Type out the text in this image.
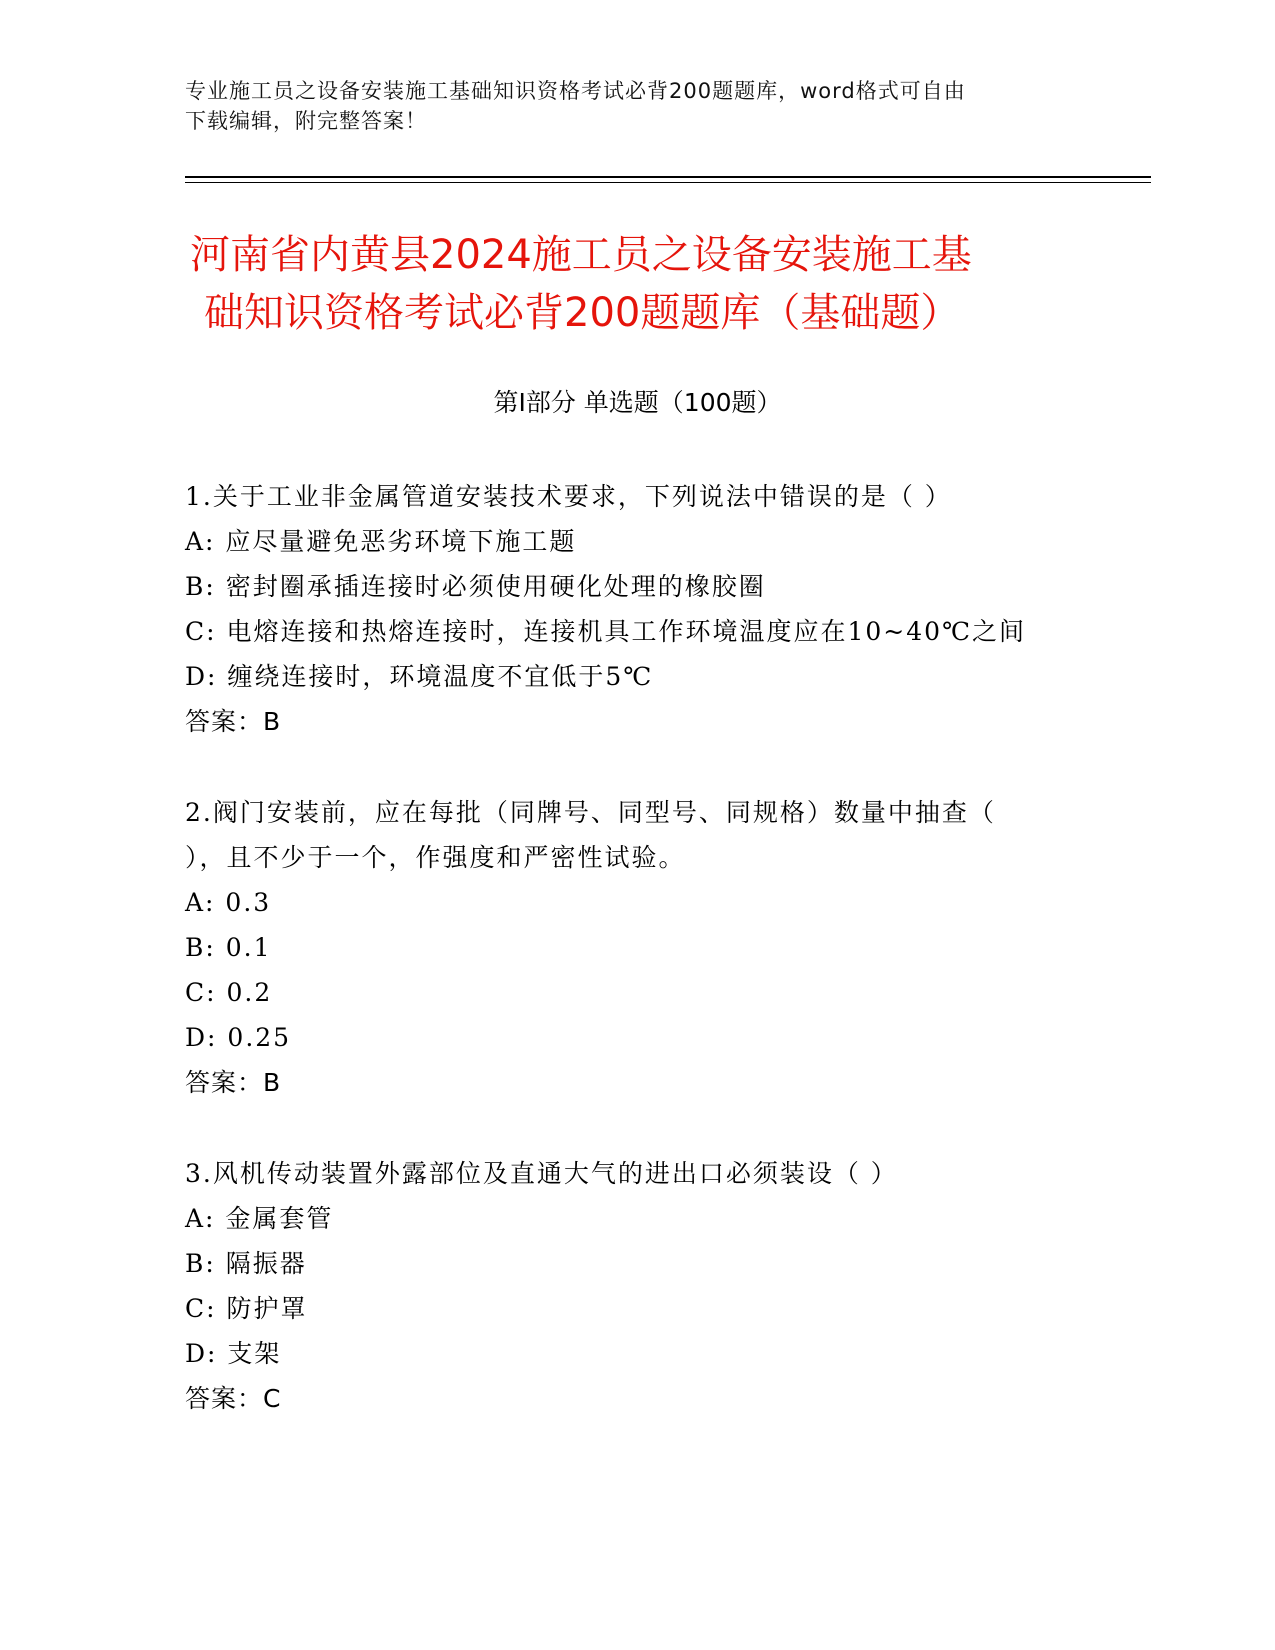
专业施工员之设备安装施工基础知识资格考试必背200题题库，word格式可自由
下载编辑，附完整答案！
河南省内黄县2024施工员之设备安装施工基
础知识资格考试必背200题题库（基础题）
第Ⅰ部分 单选题（100题）
1.关于工业非金属管道安装技术要求，下列说法中错误的是（ ）
A: 应尽量避免恶劣环境下施工题
B: 密封圈承插连接时必须使用硬化处理的橡胶圈
C: 电熔连接和热熔连接时，连接机具工作环境温度应在10~40℃之间
D: 缠绕连接时，环境温度不宜低于5℃
答案：B
2.阀门安装前，应在每批（同牌号、同型号、同规格）数量中抽查（
），且不少于一个，作强度和严密性试验。
A: 0.3
B: 0.1
C: 0.2
D: 0.25
答案：B
3.风机传动装置外露部位及直通大气的进出口必须装设（ ）
A: 金属套管
B: 隔振器
C: 防护罩
D: 支架
答案：C
